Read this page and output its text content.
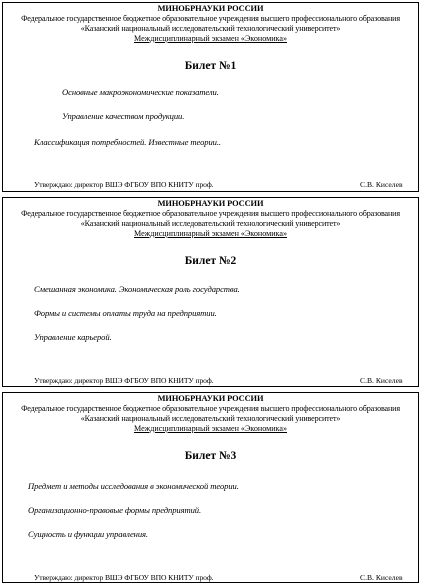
МИНОБРНАУКИ РОССИИ
Федеральное государственное бюджетное образовательное учреждения высшего профессионального образования «Казанский национальный исследовательский технологический университет»
Междисциплинарный экзамен «Экономика»
Билет №1
Основные макроэкономические показатели.
Управление качеством продукции.
Классификация потребностей. Известные теории..
Утверждаю: директор ВШЭ ФГБОУ ВПО КНИТУ проф.	С.В. Киселев
МИНОБРНАУКИ РОССИИ
Федеральное государственное бюджетное образовательное учреждения высшего профессионального образования «Казанский национальный исследовательский технологический университет»
Междисциплинарный экзамен «Экономика»
Билет №2
Смешанная экономика. Экономическая роль государства.
Формы и системы оплаты труда на предприятии.
Управление карьерой.
Утверждаю: директор ВШЭ ФГБОУ ВПО КНИТУ проф.	С.В. Киселев
МИНОБРНАУКИ РОССИИ
Федеральное государственное бюджетное образовательное учреждения высшего профессионального образования «Казанский национальный исследовательский технологический университет»
Междисциплинарный экзамен «Экономика»
Билет №3
Предмет и методы исследования в экономической теории.
Организационно-правовые формы предприятий.
Сущность и функции управления.
Утверждаю: директор ВШЭ ФГБОУ ВПО КНИТУ проф.	С.В. Киселев
